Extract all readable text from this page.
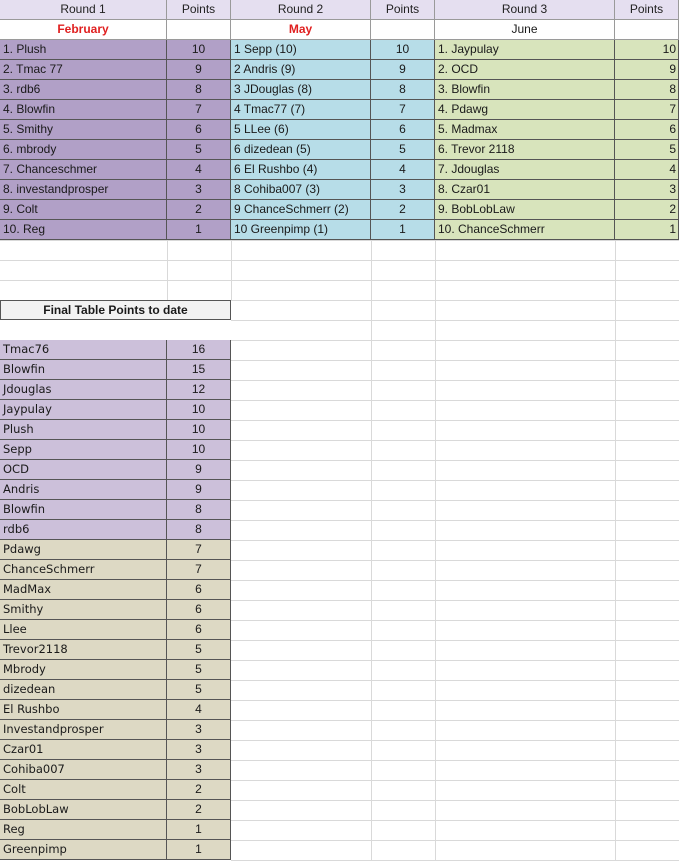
Round 1	Points
February
1. Plush	10
2. Tmac 77	9
3. rdb6	8
4. Blowfin	7
5. Smithy	6
6. mbrody	5
7. Chanceschmer	4
8. investandprosper	3
9. Colt	2
10. Reg	1
Round 2	Points
May
1 Sepp (10)	10
2 Andris (9)	9
3 JDouglas (8)	8
4 Tmac77 (7)	7
5 LLee (6)	6
6 dizedean (5)	5
6 El Rushbo (4)	4
8 Cohiba007 (3)	3
9 ChanceSchmerr (2)	2
10 Greenpimp (1)	1
Round 3	Points
June
1. Jaypulay	10
2. OCD	9
3. Blowfin	8
4. Pdawg	7
5. Madmax	6
6. Trevor 2118	5
7. Jdouglas	4
8. Czar01	3
9. BobLobLaw	2
10. ChanceSchmerr	1
Final Table Points to date
Tmac76	16
Blowfin	15
Jdouglas	12
Jaypulay	10
Plush	10
Sepp	10
OCD	9
Andris	9
Blowfin	8
rdb6	8
Pdawg	7
ChanceSchmerr	7
MadMax	6
Smithy	6
Llee	6
Trevor2118	5
Mbrody	5
dizedean	5
El Rushbo	4
Investandprosper	3
Czar01	3
Cohiba007	3
Colt	2
BobLobLaw	2
Reg	1
Greenpimp	1
